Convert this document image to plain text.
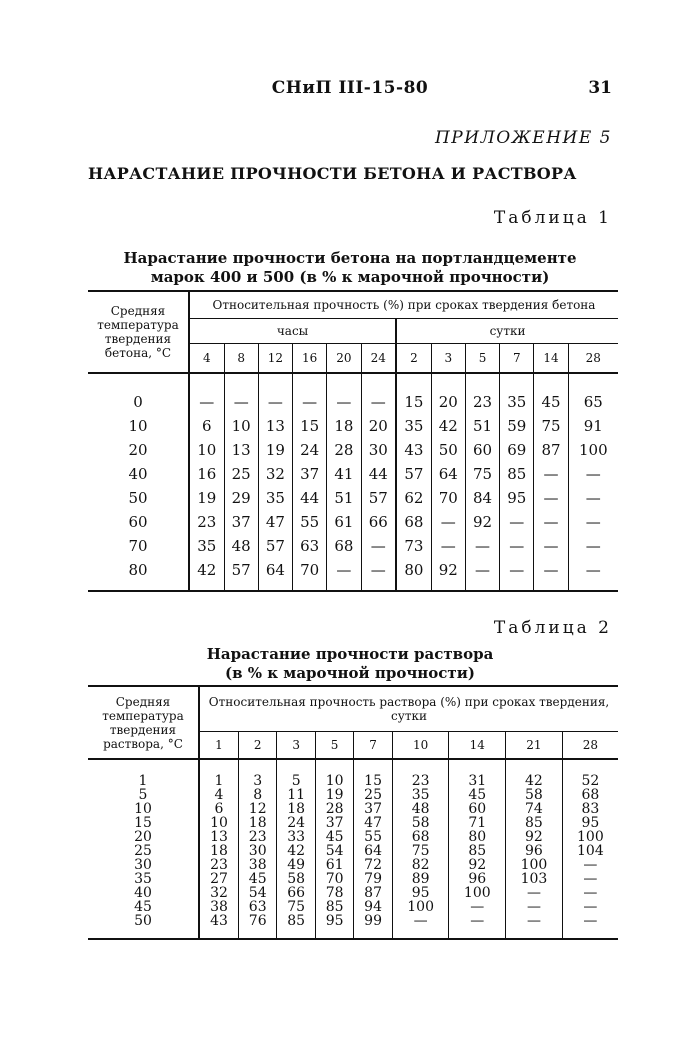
СНиП III-15-80	31
ПРИЛОЖЕНИЕ 5
НАРАСТАНИЕ ПРОЧНОСТИ БЕТОНА И РАСТВОРА
Таблица 1
Нарастание прочности бетона на портландцементе
марок 400 и 500 (в % к марочной прочности)
Средняя температура твердения бетона, °С	Относительная прочность (%) при сроках твердения бетона											
	часы						сутки					
	4	8	12	16	20	24	2	3	5	7	14	28
0	—	—	—	—	—	—	15	20	23	35	45	65
10	6	10	13	15	18	20	35	42	51	59	75	91
20	10	13	19	24	28	30	43	50	60	69	87	100
40	16	25	32	37	41	44	57	64	75	85	—	—
50	19	29	35	44	51	57	62	70	84	95	—	—
60	23	37	47	55	61	66	68	—	92	—	—	—
70	35	48	57	63	68	—	73	—	—	—	—	—
80	42	57	64	70	—	—	80	92	—	—	—	—
Таблица 2
Нарастание прочности раствора
(в % к марочной прочности)
Средняя температура твердения раствора, °С	Относительная прочность раствора (%) при сроках твердения, сутки								
	1	2	3	5	7	10	14	21	28
1	1	3	5	10	15	23	31	42	52
5	4	8	11	19	25	35	45	58	68
10	6	12	18	28	37	48	60	74	83
15	10	18	24	37	47	58	71	85	95
20	13	23	33	45	55	68	80	92	100
25	18	30	42	54	64	75	85	96	104
30	23	38	49	61	72	82	92	100	—
35	27	45	58	70	79	89	96	103	—
40	32	54	66	78	87	95	100	—	—
45	38	63	75	85	94	100	—	—	—
50	43	76	85	95	99	—	—	—	—
